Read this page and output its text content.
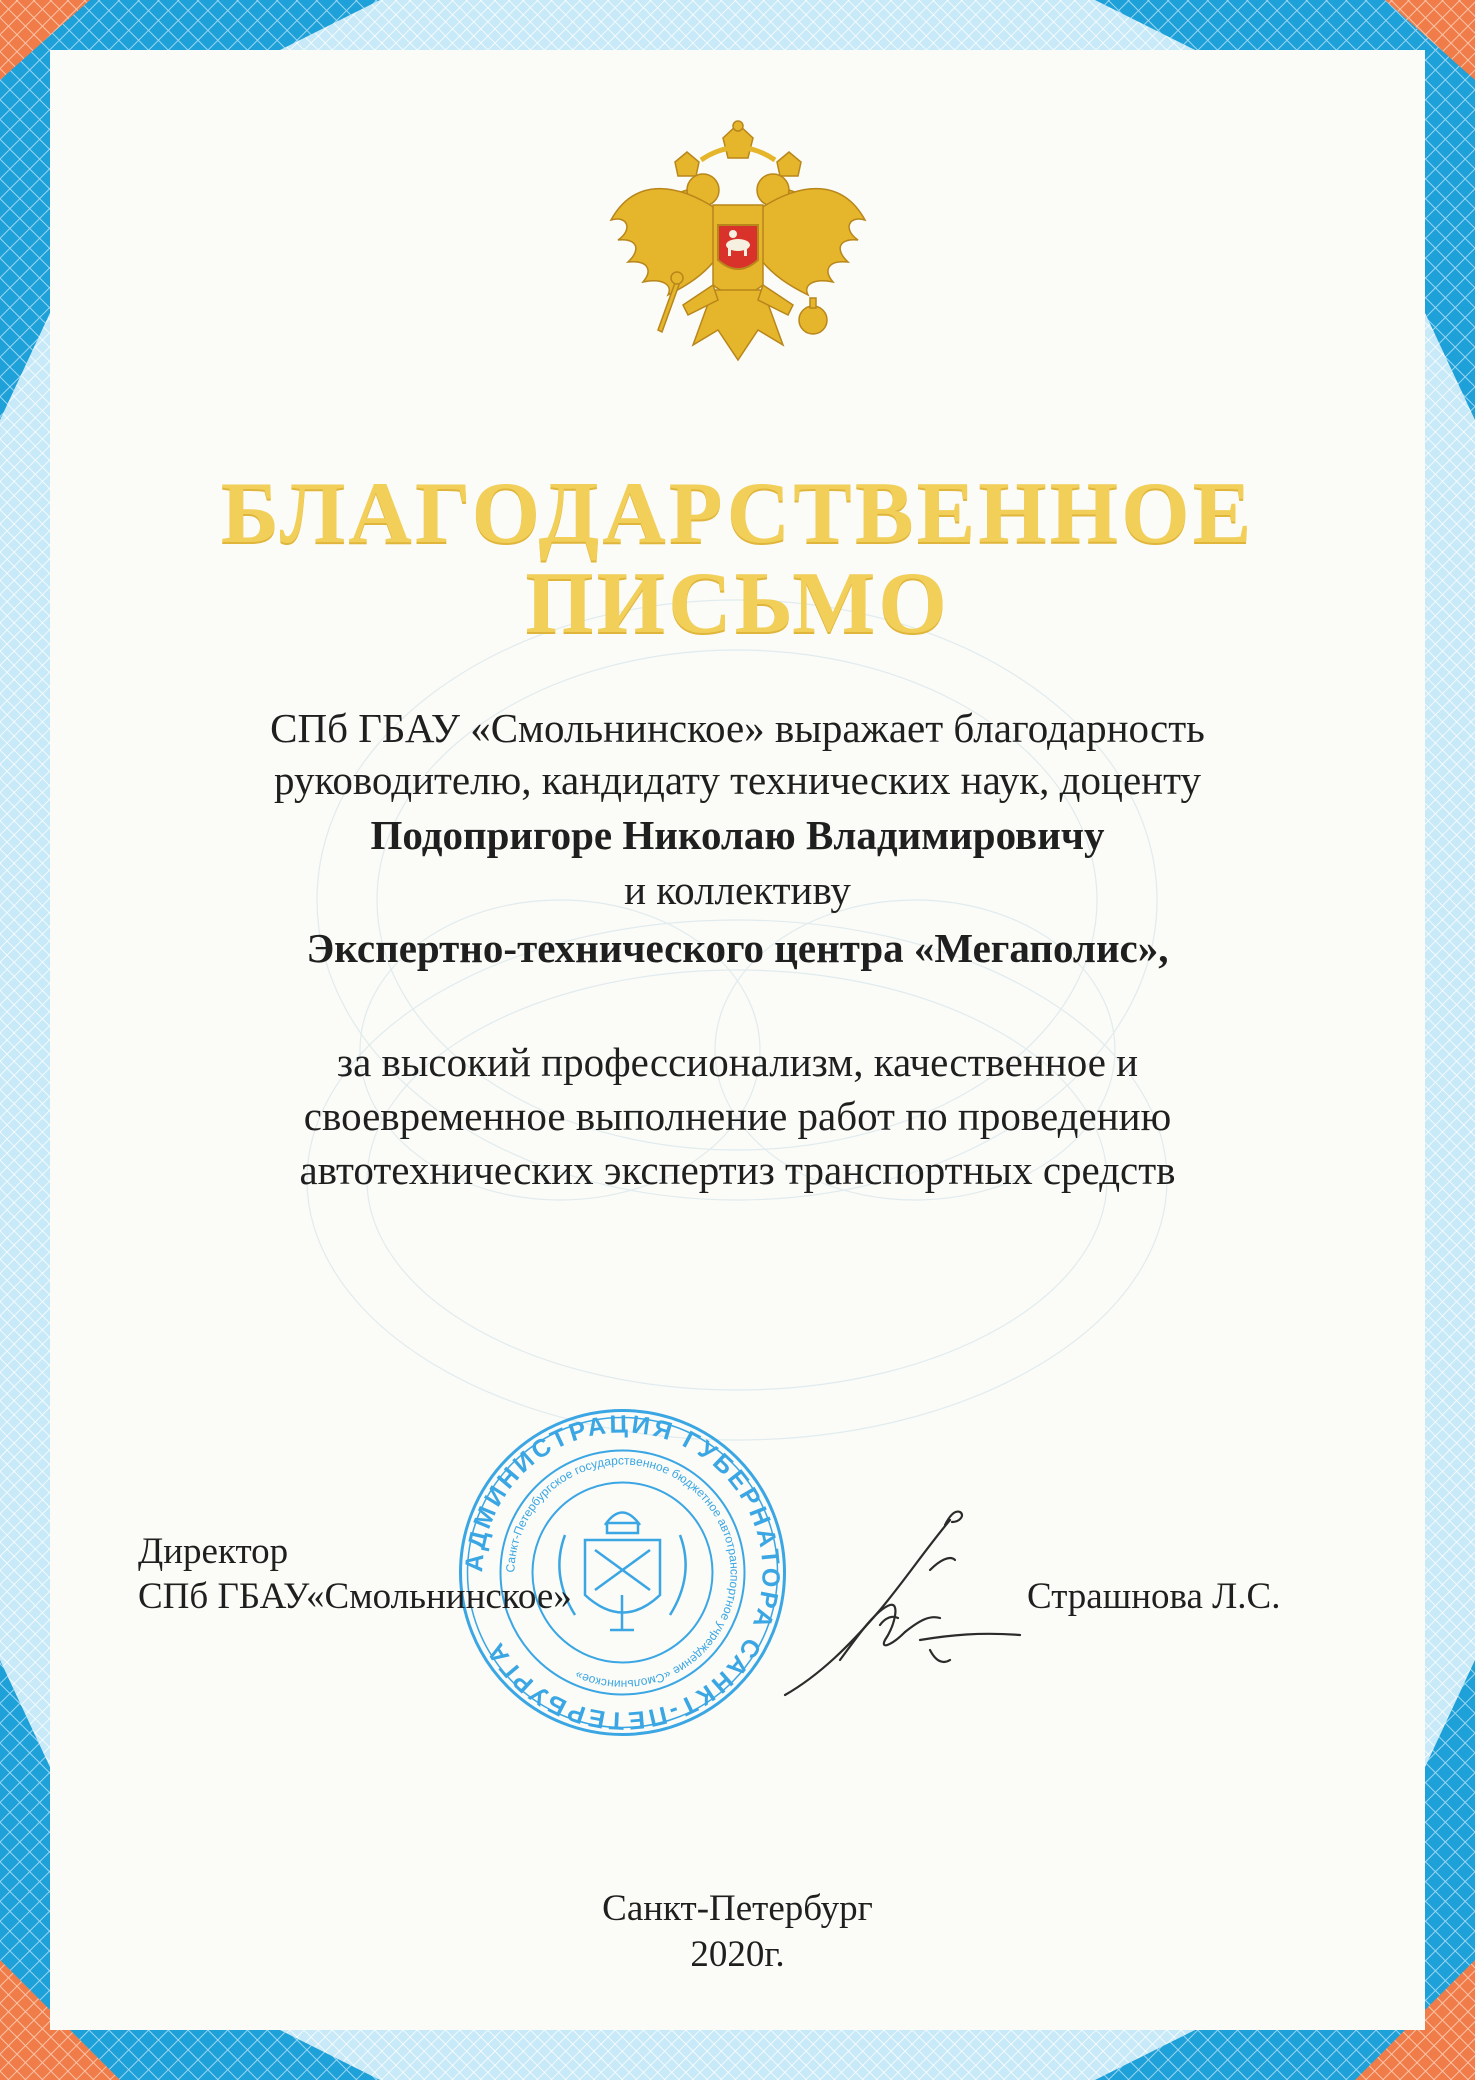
БЛАГОДАРСТВЕННОЕ
ПИСЬМО
СПб ГБАУ «Смольнинское» выражает благодарность
руководителю, кандидату технических наук, доценту
Подопригоре Николаю Владимировичу
и коллективу
Экспертно-технического центра «Мегаполис»,
за высокий профессионализм, качественное и
своевременное выполнение работ по проведению
автотехнических экспертиз транспортных средств
АДМИНИСТРАЦИЯ ГУБЕРНАТОРА САНКТ-ПЕТЕРБУРГА
Санкт-Петербургское государственное бюджетное автотранспортное учреждение «Смольнинское»
Директор
СПб ГБАУ«Смольнинское»	Страшнова Л.С.
Санкт-Петербург
2020г.
